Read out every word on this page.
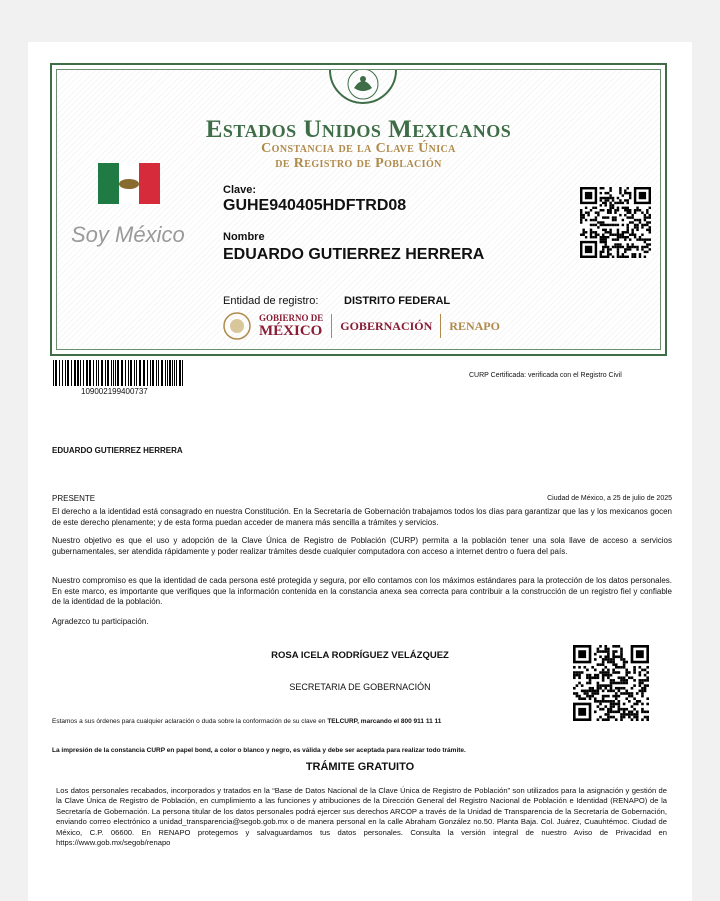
Estados Unidos Mexicanos
Constancia de la Clave Única
de Registro de Población
Soy México
Clave:
GUHE940405HDFTRD08
Nombre
EDUARDO GUTIERREZ HERRERA
Entidad de registro: DISTRITO FEDERAL
GOBIERNO DE
MÉXICO GOBERNACIÓN RENAPO
109002199400737
CURP Certificada: verificada con el Registro Civil
EDUARDO GUTIERREZ HERRERA
PRESENTE	Ciudad de México, a 25 de julio de 2025
El derecho a la identidad está consagrado en nuestra Constitución. En la Secretaría de Gobernación trabajamos todos los días para garantizar que las y los mexicanos gocen de este derecho plenamente; y de esta forma puedan acceder de manera más sencilla a trámites y servicios.
Nuestro objetivo es que el uso y adopción de la Clave Única de Registro de Población (CURP) permita a la población tener una sola llave de acceso a servicios gubernamentales, ser atendida rápidamente y poder realizar trámites desde cualquier computadora con acceso a internet dentro o fuera del país.
Nuestro compromiso es que la identidad de cada persona esté protegida y segura, por ello contamos con los máximos estándares para la protección de los datos personales. En este marco, es importante que verifiques que la información contenida en la constancia anexa sea correcta para contribuir a la construcción de un registro fiel y confiable de la identidad de la población.
Agradezco tu participación.
ROSA ICELA RODRÍGUEZ VELÁZQUEZ
SECRETARIA DE GOBERNACIÓN
Estamos a sus órdenes para cualquier aclaración o duda sobre la conformación de su clave en TELCURP, marcando el 800 911 11 11
La impresión de la constancia CURP en papel bond, a color o blanco y negro, es válida y debe ser aceptada para realizar todo trámite.
TRÁMITE GRATUITO
Los datos personales recabados, incorporados y tratados en la “Base de Datos Nacional de la Clave Única de Registro de Población” son utilizados para la asignación y gestión de la Clave Única de Registro de Población, en cumplimiento a las funciones y atribuciones de la Dirección General del Registro Nacional de Población e Identidad (RENAPO) de la Secretaría de Gobernación. La persona titular de los datos personales podrá ejercer sus derechos ARCOP a través de la Unidad de Transparencia de la Secretaría de Gobernación, enviando correo electrónico a unidad_transparencia@segob.gob.mx o de manera personal en la calle Abraham González no.50. Planta Baja. Col. Juárez, Cuauhtémoc. Ciudad de México, C.P. 06600. En RENAPO protegemos y salvaguardamos tus datos personales. Consulta la versión integral de nuestro Aviso de Privacidad en https://www.gob.mx/segob/renapo
